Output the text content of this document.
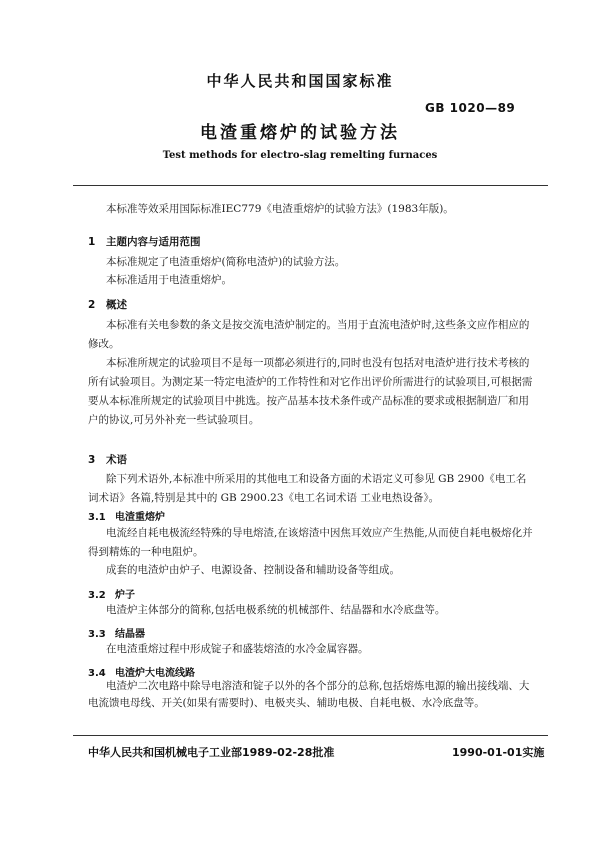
中华人民共和国国家标准
GB 1020—89
电渣重熔炉的试验方法
Test methods for electro-slag remelting furnaces
本标准等效采用国际标准IEC779《电渣重熔炉的试验方法》(1983年版)。
1 主题内容与适用范围
本标准规定了电渣重熔炉(简称电渣炉)的试验方法。
本标准适用于电渣重熔炉。
2 概述
本标准有关电参数的条文是按交流电渣炉制定的。当用于直流电渣炉时,这些条文应作相应的修改。
本标准所规定的试验项目不是每一项都必须进行的,同时也没有包括对电渣炉进行技术考核的所有试验项目。为测定某一特定电渣炉的工作特性和对它作出评价所需进行的试验项目,可根据需要从本标准所规定的试验项目中挑选。按产品基本技术条件或产品标准的要求或根据制造厂和用户的协议,可另外补充一些试验项目。
3 术语
除下列术语外,本标准中所采用的其他电工和设备方面的术语定义可参见 GB 2900《电工名词术语》各篇,特别是其中的 GB 2900.23《电工名词术语 工业电热设备》。
3.1 电渣重熔炉
电流经自耗电极流经特殊的导电熔渣,在该熔渣中因焦耳效应产生热能,从而使自耗电极熔化并得到精炼的一种电阻炉。
成套的电渣炉由炉子、电源设备、控制设备和辅助设备等组成。
3.2 炉子
电渣炉主体部分的简称,包括电极系统的机械部件、结晶器和水冷底盘等。
3.3 结晶器
在电渣重熔过程中形成锭子和盛装熔渣的水冷金属容器。
3.4 电渣炉大电流线路
电渣炉二次电路中除导电溶渣和锭子以外的各个部分的总称,包括熔炼电源的输出接线端、大电流馈电母线、开关(如果有需要时)、电极夹头、辅助电极、自耗电极、水冷底盘等。
中华人民共和国机械电子工业部1989-02-28批准	1990-01-01实施
